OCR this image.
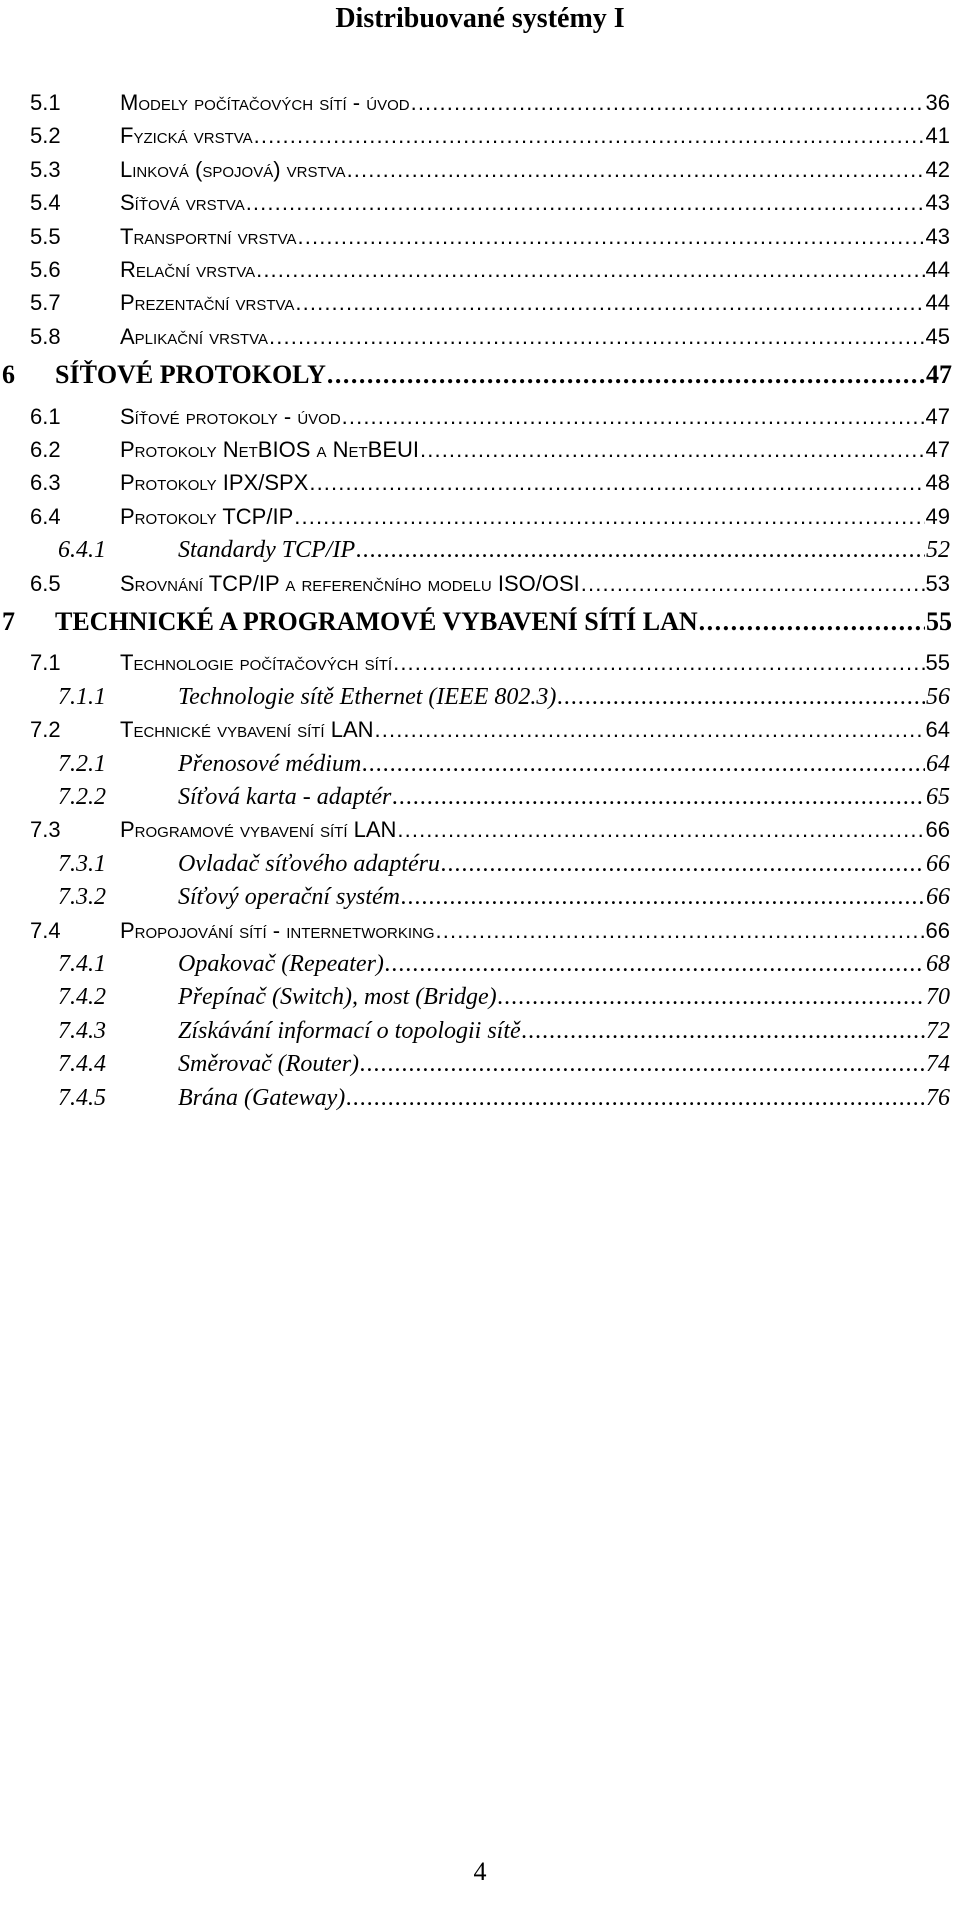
Distribuované systémy I
5.1	Modely počítačových sítí - úvod . . .	36
5.2	Fyzická vrstva . . .	41
5.3	Linková (spojová) vrstva . . .	42
5.4	Síťová vrstva . . .	43
5.5	Transportní vrstva . . .	43
5.6	Relační vrstva . . .	44
5.7	Prezentační vrstva . . .	44
5.8	Aplikační vrstva . . .	45
6 SÍŤOVÉ PROTOKOLY . . .	47
6.1	Síťové protokoly - úvod . . .	47
6.2	Protokoly NetBIOS a NetBEUI . . .	47
6.3	Protokoly IPX/SPX . . .	48
6.4	Protokoly TCP/IP . . .	49
6.4.1	Standardy TCP/IP . . .	52
6.5	Srovnání TCP/IP a referenčního modelu ISO/OSI . . .	53
7 TECHNICKÉ A PROGRAMOVÉ VYBAVENÍ SÍTÍ LAN . . .	55
7.1	Technologie počítačových sítí . . .	55
7.1.1	Technologie sítě Ethernet (IEEE 802.3) . . .	56
7.2	Technické vybavení sítí LAN . . .	64
7.2.1	Přenosové médium . . .	64
7.2.2	Síťová karta - adaptér . . .	65
7.3	Programové vybavení sítí LAN . . .	66
7.3.1	Ovladač síťového adaptéru . . .	66
7.3.2	Síťový operační systém . . .	66
7.4	Propojování sítí - internetworking . . .	66
7.4.1	Opakovač (Repeater) . . .	68
7.4.2	Přepínač (Switch), most (Bridge) . . .	70
7.4.3	Získávání informací o topologii sítě . . .	72
7.4.4	Směrovač (Router) . . .	74
7.4.5	Brána (Gateway) . . .	76
4
